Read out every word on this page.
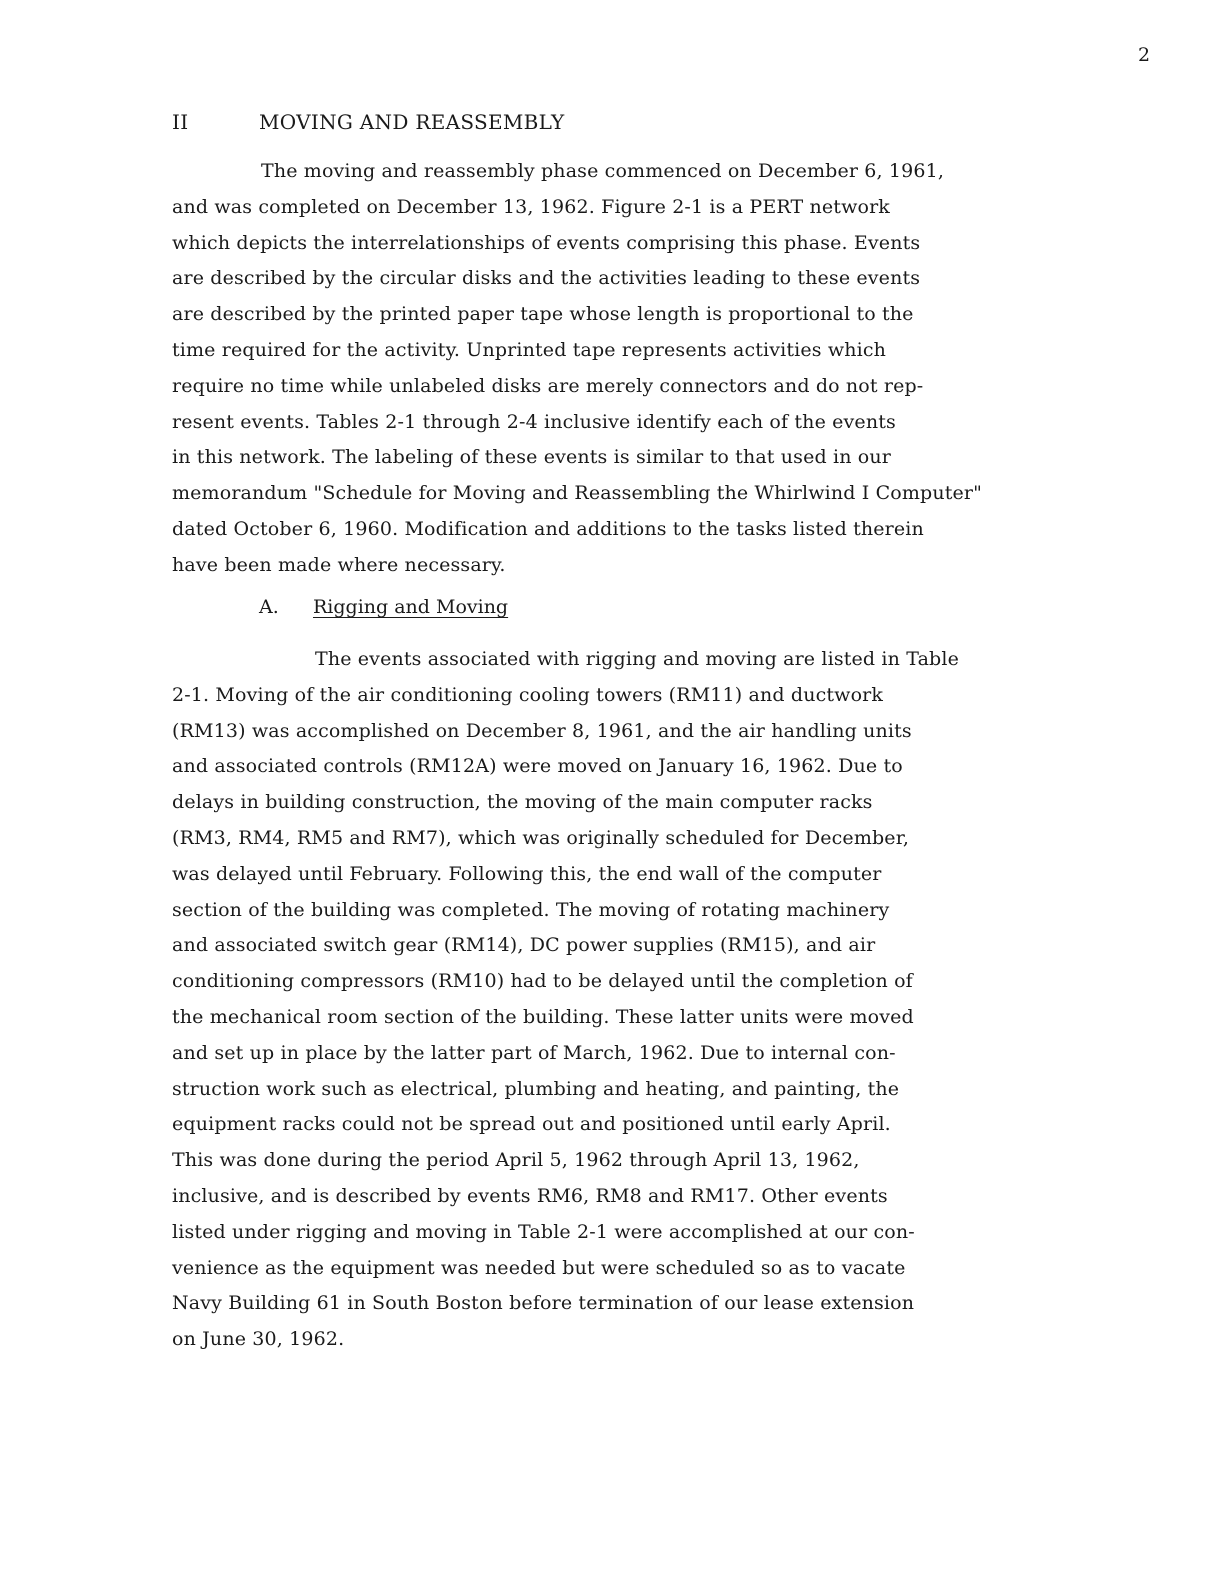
2
II	MOVING AND REASSEMBLY
The moving and reassembly phase commenced on December 6, 1961,
and was completed on December 13, 1962. Figure 2-1 is a PERT network
which depicts the interrelationships of events comprising this phase. Events
are described by the circular disks and the activities leading to these events
are described by the printed paper tape whose length is proportional to the
time required for the activity. Unprinted tape represents activities which
require no time while unlabeled disks are merely connectors and do not rep-
resent events. Tables 2-1 through 2-4 inclusive identify each of the events
in this network. The labeling of these events is similar to that used in our
memorandum "Schedule for Moving and Reassembling the Whirlwind I Computer"
dated October 6, 1960. Modification and additions to the tasks listed therein
have been made where necessary.
A. Rigging and Moving
The events associated with rigging and moving are listed in Table
2-1. Moving of the air conditioning cooling towers (RM11) and ductwork
(RM13) was accomplished on December 8, 1961, and the air handling units
and associated controls (RM12A) were moved on January 16, 1962. Due to
delays in building construction, the moving of the main computer racks
(RM3, RM4, RM5 and RM7), which was originally scheduled for December,
was delayed until February. Following this, the end wall of the computer
section of the building was completed. The moving of rotating machinery
and associated switch gear (RM14), DC power supplies (RM15), and air
conditioning compressors (RM10) had to be delayed until the completion of
the mechanical room section of the building. These latter units were moved
and set up in place by the latter part of March, 1962. Due to internal con-
struction work such as electrical, plumbing and heating, and painting, the
equipment racks could not be spread out and positioned until early April.
This was done during the period April 5, 1962 through April 13, 1962,
inclusive, and is described by events RM6, RM8 and RM17. Other events
listed under rigging and moving in Table 2-1 were accomplished at our con-
venience as the equipment was needed but were scheduled so as to vacate
Navy Building 61 in South Boston before termination of our lease extension
on June 30, 1962.
